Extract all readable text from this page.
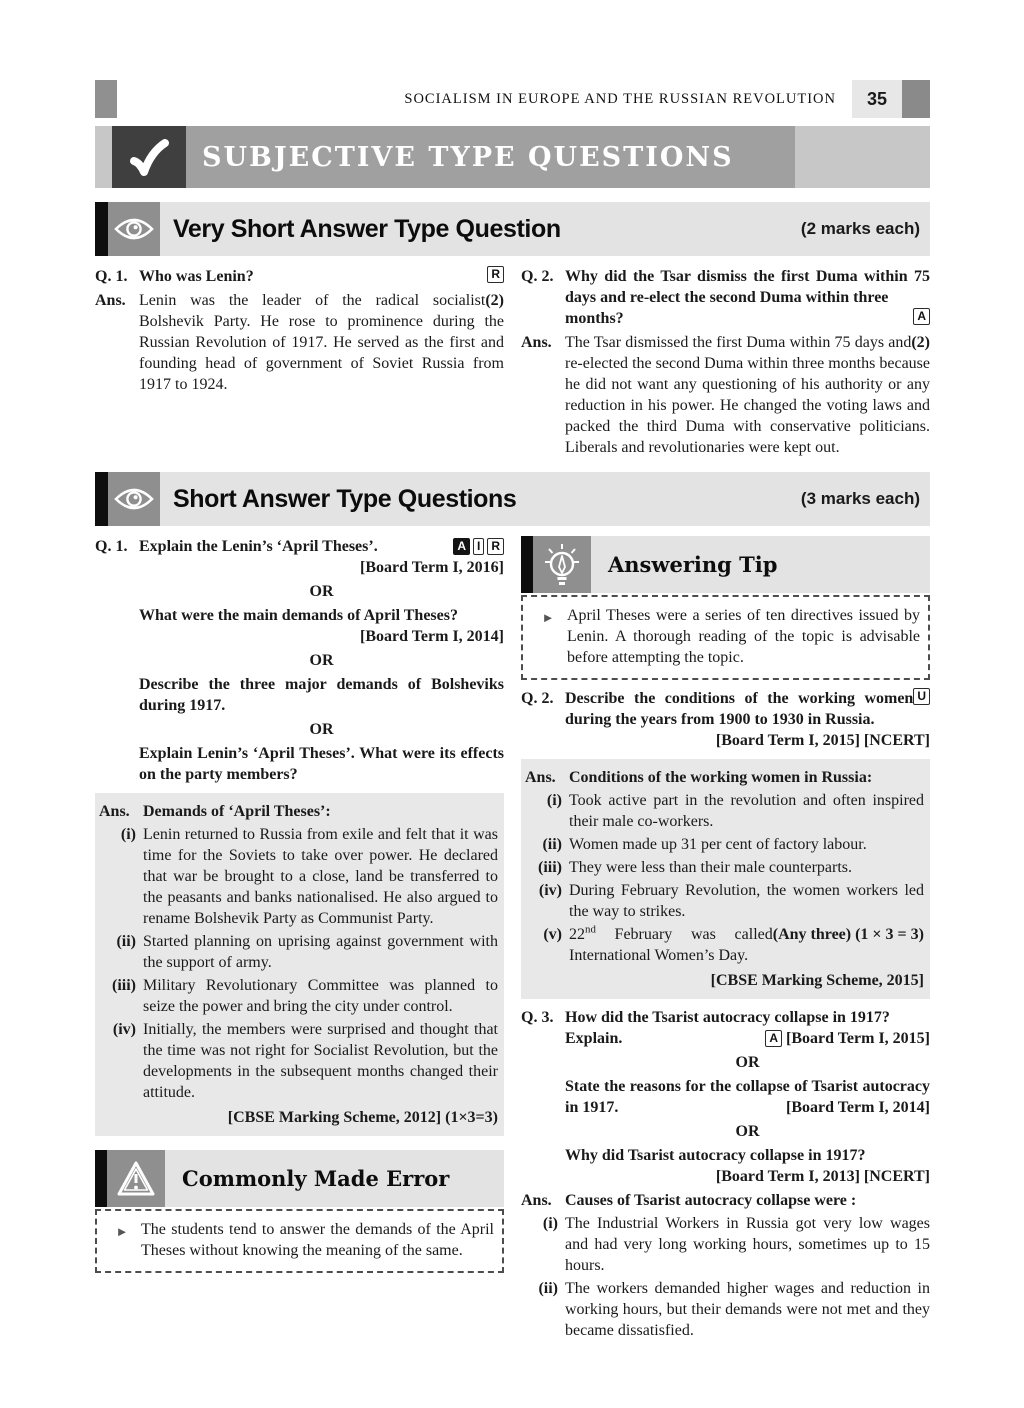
SOCIALISM IN EUROPE AND THE RUSSIAN REVOLUTION	35
SUBJECTIVE TYPE QUESTIONS
Very Short Answer Type Question	(2 marks each)
Q. 1. Who was Lenin?	R
Ans.	(2)
Lenin was the leader of the radical socialist Bolshevik Party. He rose to prominence during the Russian Revolution of 1917. He served as the first and founding head of government of Soviet Russia from 1917 to 1924.
Q. 2. Why did the Tsar dismiss the first Duma within 75 days and re-elect the second Duma within three
months?	A
Ans.	(2)
The Tsar dismissed the first Duma within 75 days and re-elected the second Duma within three months because he did not want any questioning of his authority or any reduction in his power. He changed the voting laws and packed the third Duma with conservative politicians. Liberals and revolutionaries were kept out.
Short Answer Type Questions	(3 marks each)
Q. 1. Explain the Lenin’s ‘April Theses’.	A I R
[Board Term I, 2016]
OR
What were the main demands of April Theses?
[Board Term I, 2014]
OR
Describe the three major demands of Bolsheviks during 1917.
OR
Explain Lenin’s ‘April Theses’. What were its effects on the party members?
Ans. Demands of ‘April Theses’:
(i) Lenin returned to Russia from exile and felt that it was time for the Soviets to take over power. He declared that war be brought to a close, land be transferred to the peasants and banks nationalised. He also argued to rename Bolshevik Party as Communist Party.
(ii) Started planning on uprising against government with the support of army.
(iii) Military Revolutionary Committee was planned to seize the power and bring the city under control.
(iv) Initially, the members were surprised and thought that the time was not right for Socialist Revolution, but the developments in the subsequent months changed their attitude.
[CBSE Marking Scheme, 2012] (1×3=3)
Commonly Made Error
► The students tend to answer the demands of the April Theses without knowing the meaning of the same.
Answering Tip
► April Theses were a series of ten directives issued by Lenin. A thorough reading of the topic is advisable before attempting the topic.
Q. 2.	U
Describe the conditions of the working women during the years from 1900 to 1930 in Russia.
[Board Term I, 2015] [NCERT]
Ans. Conditions of the working women in Russia:
(i) Took active part in the revolution and often inspired their male co-workers.
(ii) Women made up 31 per cent of factory labour.
(iii) They were less than their male counterparts.
(iv) During February Revolution, the women workers led the way to strikes.
(v)	(Any three) (1 × 3 = 3)
22nd February was called International Women’s Day.
[CBSE Marking Scheme, 2015]
Q. 3. How did the Tsarist autocracy collapse in 1917?
Explain.	A [Board Term I, 2015]
OR
State the reasons for the collapse of Tsarist autocracy in 1917.	[Board Term I, 2014]
OR
Why did Tsarist autocracy collapse in 1917?
[Board Term I, 2013] [NCERT]
Ans. Causes of Tsarist autocracy collapse were :
(i) The Industrial Workers in Russia got very low wages and had very long working hours, sometimes up to 15 hours.
(ii) The workers demanded higher wages and reduction in working hours, but their demands were not met and they became dissatisfied.
